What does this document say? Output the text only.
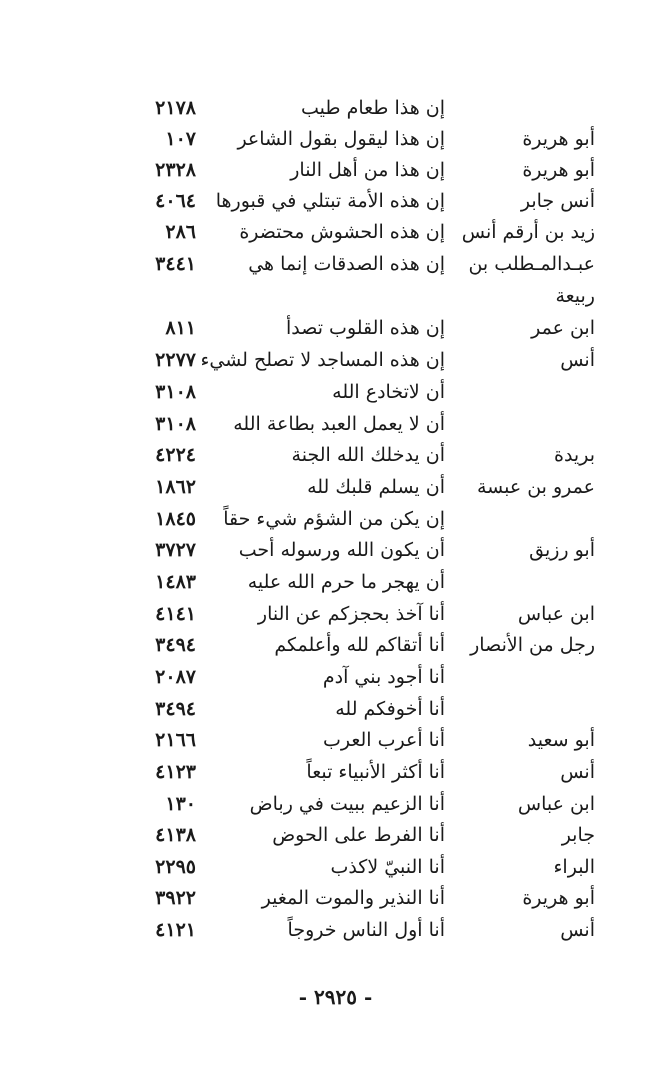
إن هذا طعام طيب
٢١٧٨
أبو هريرة
إن هذا ليقول بقول الشاعر
١٠٧
أبو هريرة
إن هذا من أهل النار
٢٣٢٨
أنس جابر
إن هذه الأمة تبتلي في قبورها
٤٠٦٤
زيد بن أرقم أنس
إن هذه الحشوش محتضرة
٢٨٦
عبـدالمـطلب بن
إن هذه الصدقات إنما هي
٣٤٤١
ربيعة
ابن عمر
إن هذه القلوب تصدأ
٨١١
أنس
إن هذه المساجد لا تصلح لشيء
٢٢٧٧
أن لاتخادع الله
٣١٠٨
أن لا يعمل العبد بطاعة الله
٣١٠٨
بريدة
أن يدخلك الله الجنة
٤٢٢٤
عمرو بن عبسة
أن يسلم قلبك لله
١٨٦٢
إن يكن من الشؤم شيء حقاً
١٨٤٥
أبو رزيق
أن يكون الله ورسوله أحب
٣٧٢٧
أن يهجر ما حرم الله عليه
١٤٨٣
ابن عباس
أنا آخذ بحجزكم عن النار
٤١٤١
رجل من الأنصار
أنا أتقاكم لله وأعلمكم
٣٤٩٤
أنا أجود بني آدم
٢٠٨٧
أنا أخوفكم لله
٣٤٩٤
أبو سعيد
أنا أعرب العرب
٢١٦٦
أنس
أنا أكثر الأنبياء تبعاً
٤١٢٣
ابن عباس
أنا الزعيم ببيت في رباض
١٣٠
جابر
أنا الفرط على الحوض
٤١٣٨
البراء
أنا النبيّ لاكذب
٢٢٩٥
أبو هريرة
أنا النذير والموت المغير
٣٩٢٢
أنس
أنا أول الناس خروجاً
٤١٢١
- ٢٩٢٥ -
